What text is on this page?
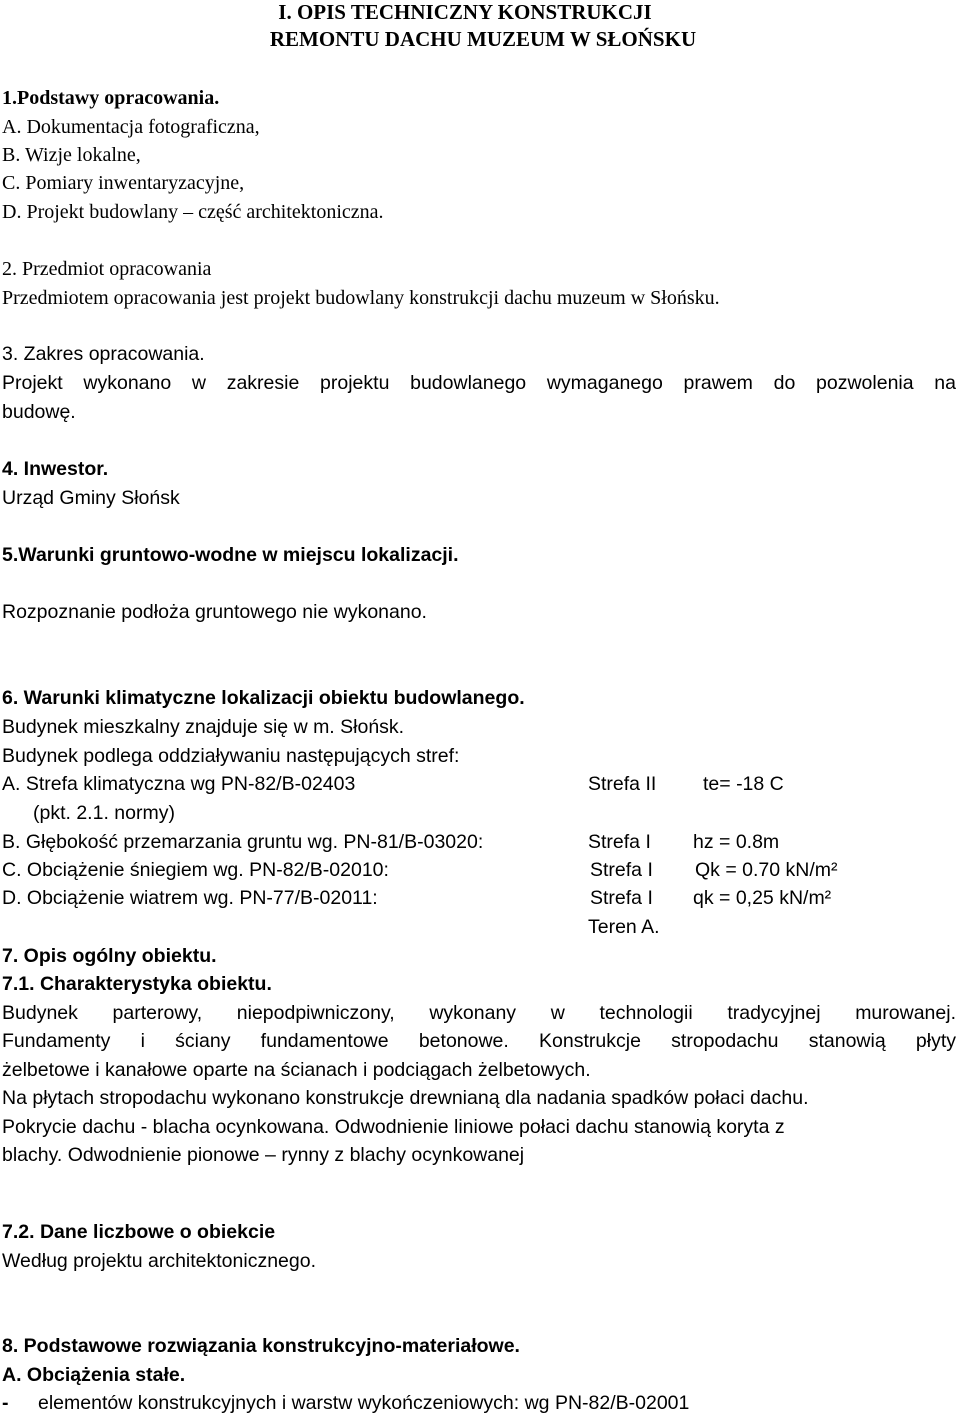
I. OPIS TECHNICZNY KONSTRUKCJI
REMONTU DACHU MUZEUM W SŁOŃSKU
1.Podstawy opracowania.
A. Dokumentacja fotograficzna,
B. Wizje lokalne,
C. Pomiary inwentaryzacyjne,
D. Projekt budowlany – część architektoniczna.
2. Przedmiot opracowania
Przedmiotem opracowania jest projekt budowlany konstrukcji dachu muzeum w Słońsku.
3. Zakres opracowania.
Projekt wykonano w zakresie projektu budowlanego wymaganego prawem do pozwolenia na
budowę.
4. Inwestor.
Urząd Gminy Słońsk
5.Warunki gruntowo-wodne w miejscu lokalizacji.
Rozpoznanie podłoża gruntowego nie wykonano.
6. Warunki klimatyczne lokalizacji obiektu budowlanego.
Budynek mieszkalny znajduje się w m. Słońsk.
Budynek podlega oddziaływaniu następujących stref:
A. Strefa klimatyczna wg PN-82/B-02403	Strefa II te= -18 C
(pkt. 2.1. normy)
B. Głębokość przemarzania gruntu wg. PN-81/B-03020:	Strefa I hz = 0.8m
C. Obciążenie śniegiem wg. PN-82/B-02010:	Strefa I Qk = 0.70 kN/m²
D. Obciążenie wiatrem wg. PN-77/B-02011:	Strefa I qk = 0,25 kN/m²
Teren A.
7. Opis ogólny obiektu.
7.1. Charakterystyka obiektu.
Budynek parterowy, niepodpiwniczony, wykonany w technologii tradycyjnej murowanej.
Fundamenty i ściany fundamentowe betonowe. Konstrukcje stropodachu stanowią płyty
żelbetowe i kanałowe oparte na ścianach i podciągach żelbetowych.
Na płytach stropodachu wykonano konstrukcje drewnianą dla nadania spadków połaci dachu.
Pokrycie dachu - blacha ocynkowana. Odwodnienie liniowe połaci dachu stanowią koryta z
blachy. Odwodnienie pionowe – rynny z blachy ocynkowanej
7.2. Dane liczbowe o obiekcie
Według projektu architektonicznego.
8. Podstawowe rozwiązania konstrukcyjno-materiałowe.
A. Obciążenia stałe.
- elementów konstrukcyjnych i warstw wykończeniowych: wg PN-82/B-02001
